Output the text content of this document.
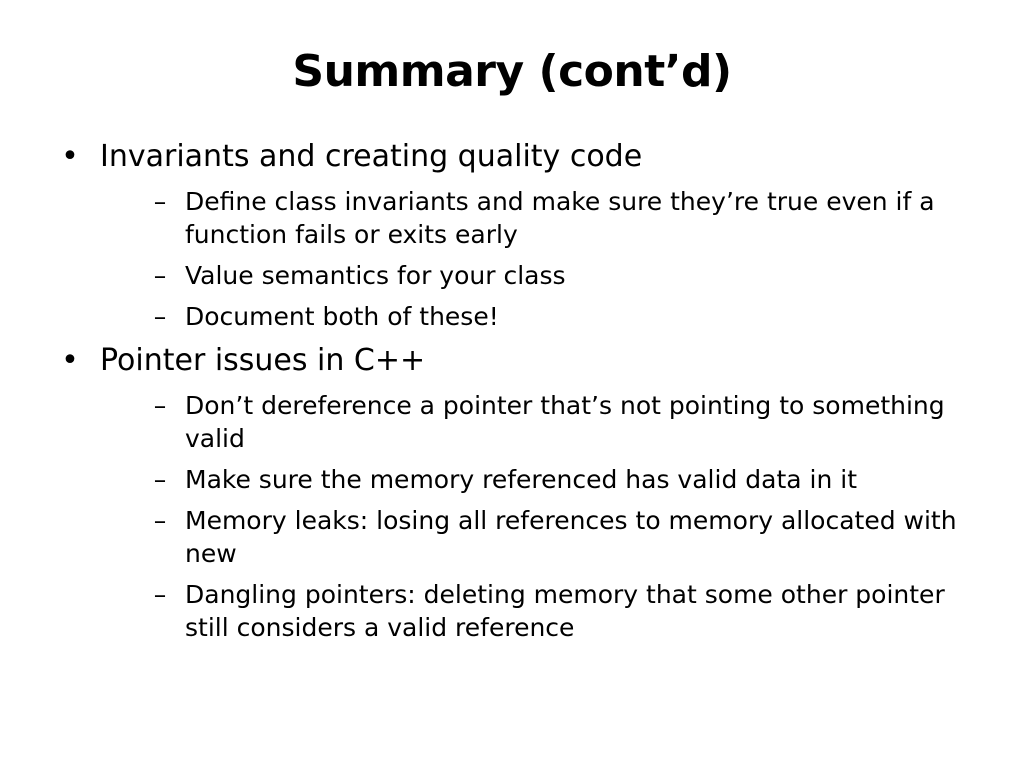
Summary (cont’d)
• Invariants and creating quality code
– Define class invariants and make sure they’re true even if a function fails or exits early
– Value semantics for your class
– Document both of these!
• Pointer issues in C++
– Don’t dereference a pointer that’s not pointing to something valid
– Make sure the memory referenced has valid data in it
– Memory leaks: losing all references to memory allocated with new
– Dangling pointers: deleting memory that some other pointer still considers a valid reference
